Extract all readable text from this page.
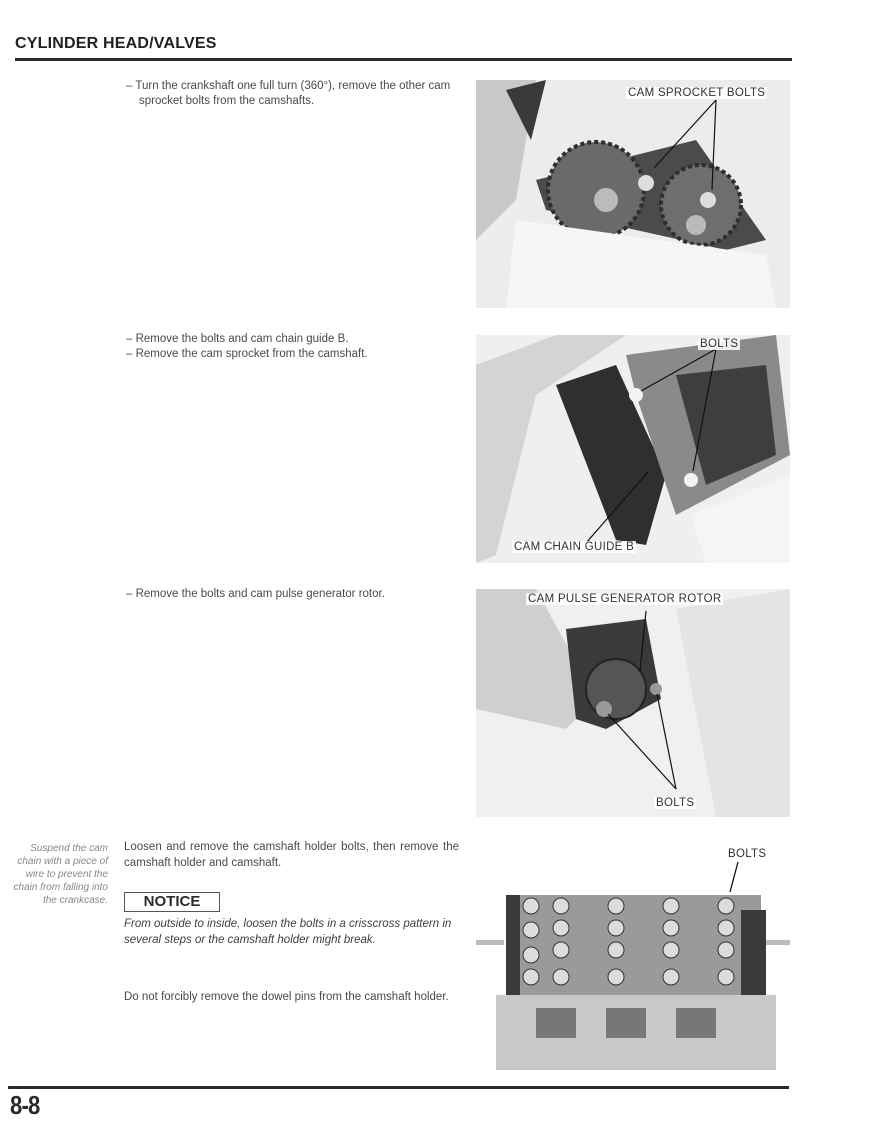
CYLINDER HEAD/VALVES
– Turn the crankshaft one full turn (360°), remove the other cam sprocket bolts from the camshafts.
CAM SPROCKET BOLTS
– Remove the bolts and cam chain guide B.
– Remove the cam sprocket from the camshaft.
BOLTS
CAM CHAIN GUIDE B
– Remove the bolts and cam pulse generator rotor.	CAM PULSE GENERATOR ROTOR
BOLTS
Suspend the cam chain with a piece of wire to prevent the chain from falling into the crankcase.
Loosen and remove the camshaft holder bolts, then remove the camshaft holder and camshaft.
NOTICE
From outside to inside, loosen the bolts in a crisscross pattern in several steps or the camshaft holder might break.
Do not forcibly remove the dowel pins from the camshaft holder.
BOLTS
8-8
